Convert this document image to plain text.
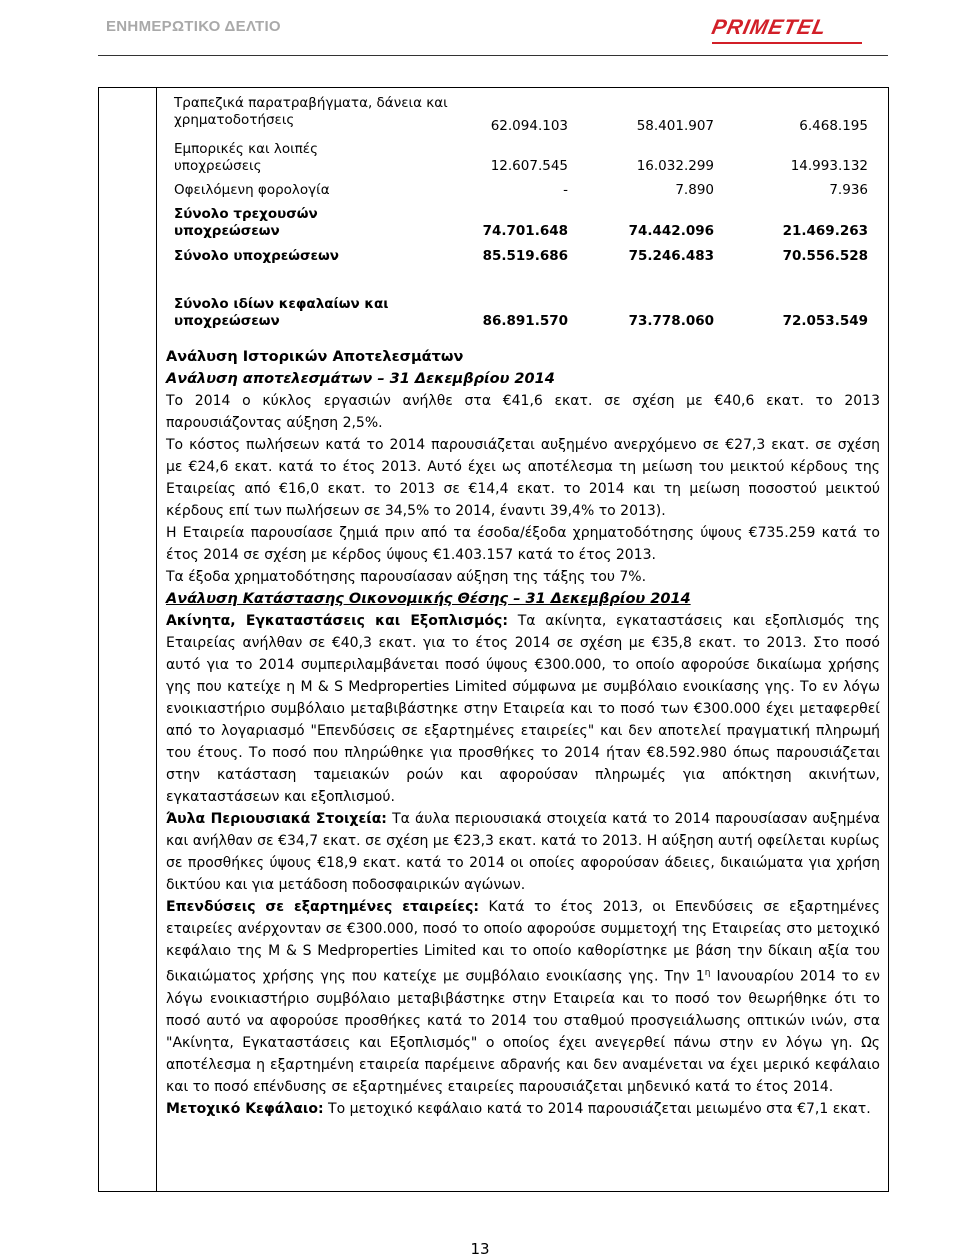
ΕΝΗΜΕΡΩΤΙΚΟ ΔΕΛΤΙΟ	PRIMETEL
Τραπεζικά παρατραβήγματα, δάνεια και χρηματοδοτήσεις	62.094.103	58.401.907	6.468.195
Εμπορικές και λοιπές υποχρεώσεις	12.607.545	16.032.299	14.993.132
Οφειλόμενη φορολογία	-	7.890	7.936
Σύνολο τρεχουσών υποχρεώσεων	74.701.648	74.442.096	21.469.263
Σύνολο υποχρεώσεων	85.519.686	75.246.483	70.556.528
Σύνολο ιδίων κεφαλαίων και υποχρεώσεων	86.891.570	73.778.060	72.053.549

Ανάλυση Ιστορικών Αποτελεσμάτων

Ανάλυση αποτελεσμάτων – 31 Δεκεμβρίου 2014

Το 2014 ο κύκλος εργασιών ανήλθε στα €41,6 εκατ. σε σχέση με €40,6 εκατ. το 2013 παρουσιάζοντας αύξηση 2,5%.

Το κόστος πωλήσεων κατά το 2014 παρουσιάζεται αυξημένο ανερχόμενο σε €27,3 εκατ. σε σχέση με €24,6 εκατ. κατά το έτος 2013. Αυτό έχει ως αποτέλεσμα τη μείωση του μεικτού κέρδους της Εταιρείας από €16,0 εκατ. το 2013 σε €14,4 εκατ. το 2014 και τη μείωση ποσοστού μεικτού κέρδους επί των πωλήσεων σε 34,5% το 2014, έναντι 39,4% το 2013).

Η Εταιρεία παρουσίασε ζημιά πριν από τα έσοδα/έξοδα χρηματοδότησης ύψους €735.259 κατά το έτος 2014 σε σχέση με κέρδος ύψους €1.403.157 κατά το έτος 2013.

Τα έξοδα χρηματοδότησης παρουσίασαν αύξηση της τάξης του 7%.

Ανάλυση Κατάστασης Οικονομικής Θέσης – 31 Δεκεμβρίου 2014

Ακίνητα, Εγκαταστάσεις και Εξοπλισμός: Τα ακίνητα, εγκαταστάσεις και εξοπλισμός της Εταιρείας ανήλθαν σε €40,3 εκατ. για το έτος 2014 σε σχέση με €35,8 εκατ. το 2013. Στο ποσό αυτό για το 2014 συμπεριλαμβάνεται ποσό ύψους €300.000, το οποίο αφορούσε δικαίωμα χρήσης γης που κατείχε η M & S Medproperties Limited σύμφωνα με συμβόλαιο ενοικίασης γης. Το εν λόγω ενοικιαστήριο συμβόλαιο μεταβιβάστηκε στην Εταιρεία και το ποσό των €300.000 έχει μεταφερθεί από το λογαριασμό "Επενδύσεις σε εξαρτημένες εταιρείες" και δεν αποτελεί πραγματική πληρωμή του έτους. Το ποσό που πληρώθηκε για προσθήκες το 2014 ήταν €8.592.980 όπως παρουσιάζεται στην κατάσταση ταμειακών ροών και αφορούσαν πληρωμές για απόκτηση ακινήτων, εγκαταστάσεων και εξοπλισμού.

Άυλα Περιουσιακά Στοιχεία: Τα άυλα περιουσιακά στοιχεία κατά το 2014 παρουσίασαν αυξημένα και ανήλθαν σε €34,7 εκατ. σε σχέση με €23,3 εκατ. κατά το 2013. Η αύξηση αυτή οφείλεται κυρίως σε προσθήκες ύψους €18,9 εκατ. κατά το 2014 οι οποίες αφορούσαν άδειες, δικαιώματα για χρήση δικτύου και για μετάδοση ποδοσφαιρικών αγώνων.

Επενδύσεις σε εξαρτημένες εταιρείες: Κατά το έτος 2013, οι Επενδύσεις σε εξαρτημένες εταιρείες ανέρχονταν σε €300.000, ποσό το οποίο αφορούσε συμμετοχή της Εταιρείας στο μετοχικό κεφάλαιο της M & S Medproperties Limited και το οποίο καθορίστηκε με βάση την δίκαιη αξία του δικαιώματος χρήσης γης που κατείχε με συμβόλαιο ενοικίασης γης. Την $1^\eta$ Ιανουαρίου 2014 το εν λόγω ενοικιαστήριο συμβόλαιο μεταβιβάστηκε στην Εταιρεία και το ποσό τον θεωρήθηκε ότι το ποσό αυτό να αφορούσε προσθήκες κατά το 2014 του σταθμού προσγειάλωσης οπτικών ινών, στα "Ακίνητα, Εγκαταστάσεις και Εξοπλισμός" ο οποίος έχει ανεγερθεί πάνω στην εν λόγω γη. Ως αποτέλεσμα η εξαρτημένη εταιρεία παρέμεινε αδρανής και δεν αναμένεται να έχει μερικό κεφάλαιο και το ποσό επένδυσης σε εξαρτημένες εταιρείες παρουσιάζεται μηδενικό κατά το έτος 2014.

Μετοχικό Κεφάλαιο: Το μετοχικό κεφάλαιο κατά το 2014 παρουσιάζεται μειωμένο στα €7,1 εκατ.

13
